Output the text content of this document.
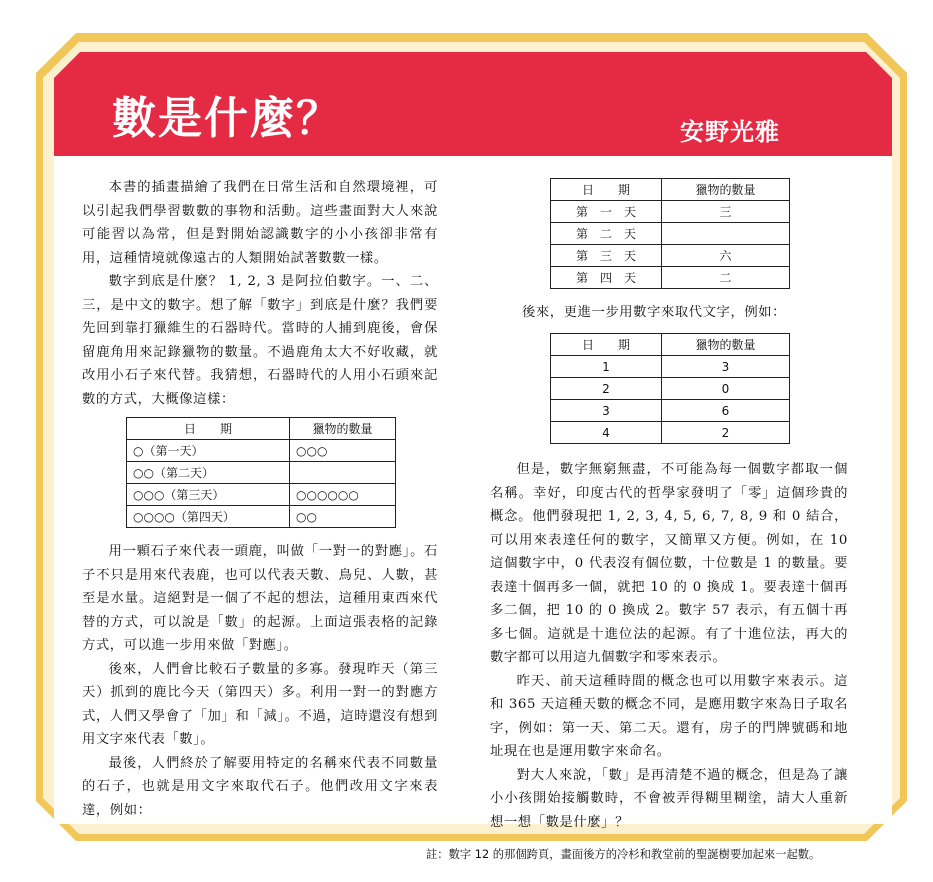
數是什麼？	安野光雅

本書的插畫描繪了我們在日常生活和自然環境裡，可以引起我們學習數數的事物和活動。這些畫面對大人來說可能習以為常，但是對開始認識數字的小小孩卻非常有用，這種情境就像遠古的人類開始試著數數一樣。

數字到底是什麼？ 1, 2, 3 是阿拉伯數字。一、二、三，是中文的數字。想了解「數字」到底是什麼？我們要先回到靠打獵維生的石器時代。當時的人捕到鹿後，會保留鹿角用來記錄獵物的數量。不過鹿角太大不好收藏，就改用小石子來代替。我猜想，石器時代的人用小石頭來記數的方式，大概像這樣：

日　　期	獵物的數量
○（第一天）	○○○
○○（第二天）	
○○○（第三天）	○○○○○○
○○○○（第四天）	○○

用一顆石子來代表一頭鹿，叫做「一對一的對應」。石子不只是用來代表鹿，也可以代表天數、鳥兒、人數，甚至是水量。這絕對是一個了不起的想法，這種用東西來代替的方式，可以說是「數」的起源。上面這張表格的記錄方式，可以進一步用來做「對應」。

後來，人們會比較石子數量的多寡。發現昨天（第三天）抓到的鹿比今天（第四天）多。利用一對一的對應方式，人們又學會了「加」和「減」。不過，這時還沒有想到用文字來代表「數」。

最後，人們終於了解要用特定的名稱來代表不同數量的石子，也就是用文字來取代石子。他們改用文字來表達，例如：

日　　期	獵物的數量
第　一　天	三
第　二　天	
第　三　天	六
第　四　天	二
後來，更進一步用數字來取代文字，例如：
日　　期	獵物的數量
1	3
2	0
3	6
4	2

但是，數字無窮無盡，不可能為每一個數字都取一個名稱。幸好，印度古代的哲學家發明了「零」這個珍貴的概念。他們發現把 1, 2, 3, 4, 5, 6, 7, 8, 9 和 0 結合，可以用來表達任何的數字，又簡單又方便。例如，在 10 這個數字中，0 代表沒有個位數，十位數是 1 的數量。要表達十個再多一個，就把 10 的 0 換成 1。要表達十個再多二個，把 10 的 0 換成 2。數字 57 表示，有五個十再多七個。這就是十進位法的起源。有了十進位法，再大的數字都可以用這九個數字和零來表示。

昨天、前天這種時間的概念也可以用數字來表示。這和 365 天這種天數的概念不同，是應用數字來為日子取名字，例如：第一天、第二天。還有，房子的門牌號碼和地址現在也是運用數字來命名。

對大人來說，「數」是再清楚不過的概念，但是為了讓小小孩開始接觸數時，不會被弄得糊里糊塗，請大人重新想一想「數是什麼」？

註：數字 12 的那個跨頁，畫面後方的冷杉和教堂前的聖誕樹要加起來一起數。
